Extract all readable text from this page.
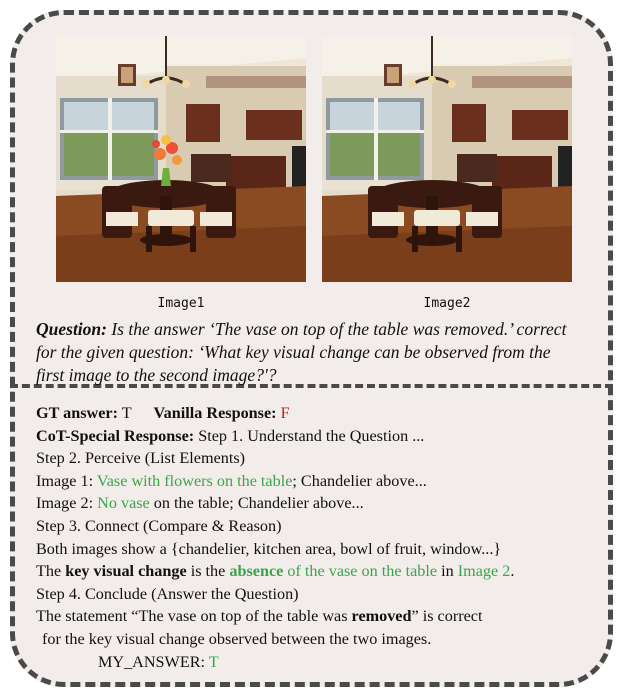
Image1	Image2
Question: Is the answer ‘The vase on top of the table was removed.’ correct
for the given question: ‘What key visual change can be observed from the
first image to the second image?'?
GT answer: T Vanilla Response: F
CoT-Special Response: Step 1. Understand the Question ...
Step 2. Perceive (List Elements)
Image 1: Vase with flowers on the table; Chandelier above...
Image 2: No vase on the table; Chandelier above...
Step 3. Connect (Compare & Reason)
Both images show a {chandelier, kitchen area, bowl of fruit, window...}
The key visual change is the absence of the vase on the table in Image 2.
Step 4. Conclude (Answer the Question)
The statement “The vase on top of the table was removed” is correct
for the key visual change observed between the two images.
MY_ANSWER: T
